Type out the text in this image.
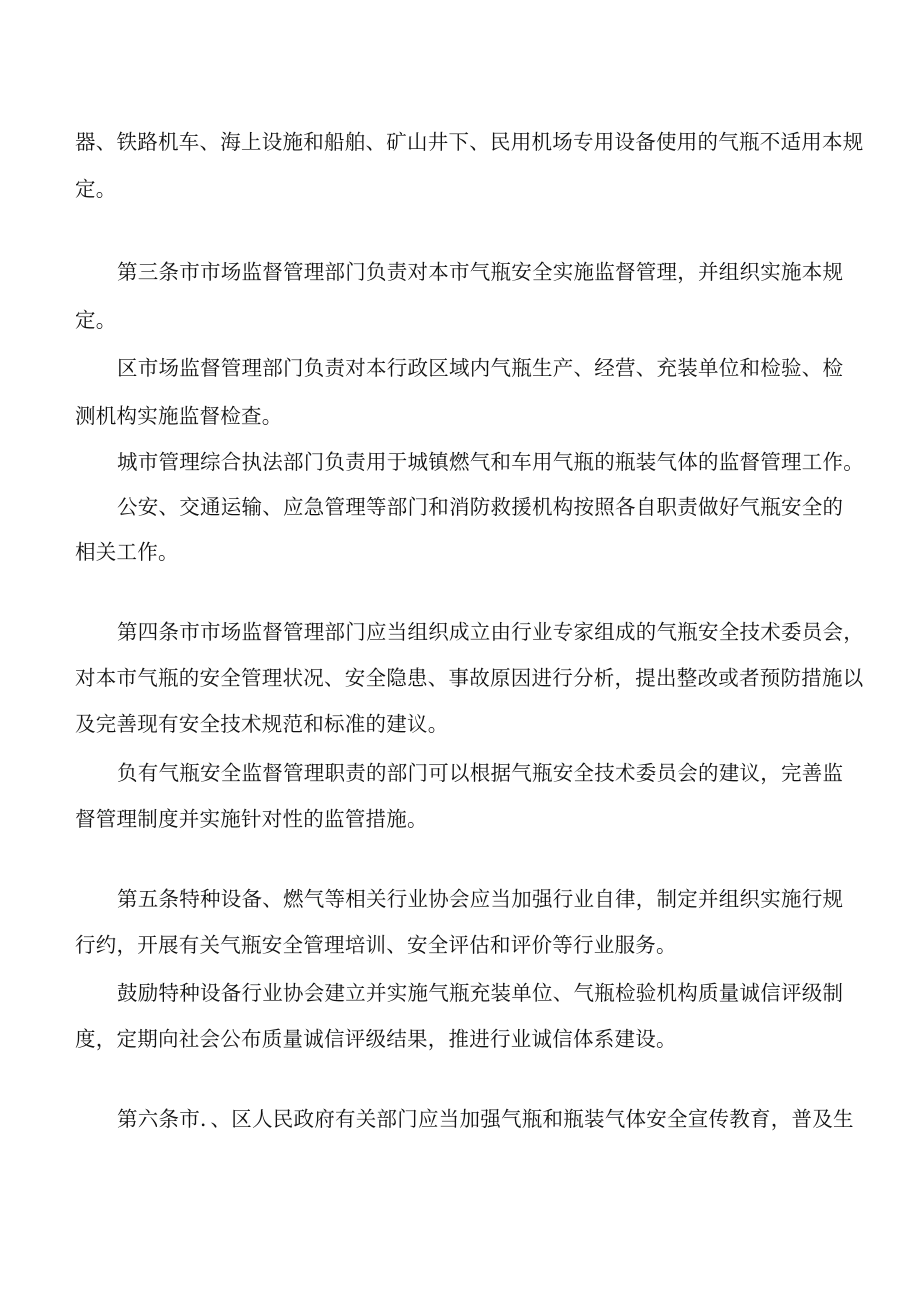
器、铁路机车、海上设施和船舶、矿山井下、民用机场专用设备使用的气瓶不适用本规
定。
第三条市市场监督管理部门负责对本市气瓶安全实施监督管理，并组织实施本规
定。
区市场监督管理部门负责对本行政区域内气瓶生产、经营、充装单位和检验、检
测机构实施监督检查。
城市管理综合执法部门负责用于城镇燃气和车用气瓶的瓶装气体的监督管理工作。
公安、交通运输、应急管理等部门和消防救援机构按照各自职责做好气瓶安全的
相关工作。
第四条市市场监督管理部门应当组织成立由行业专家组成的气瓶安全技术委员会，
对本市气瓶的安全管理状况、安全隐患、事故原因进行分析，提出整改或者预防措施以
及完善现有安全技术规范和标准的建议。
负有气瓶安全监督管理职责的部门可以根据气瓶安全技术委员会的建议，完善监
督管理制度并实施针对性的监管措施。
第五条特种设备、燃气等相关行业协会应当加强行业自律，制定并组织实施行规
行约，开展有关气瓶安全管理培训、安全评估和评价等行业服务。
鼓励特种设备行业协会建立并实施气瓶充装单位、气瓶检验机构质量诚信评级制
度，定期向社会公布质量诚信评级结果，推进行业诚信体系建设。
第六条市．、区人民政府有关部门应当加强气瓶和瓶装气体安全宣传教育，普及生
